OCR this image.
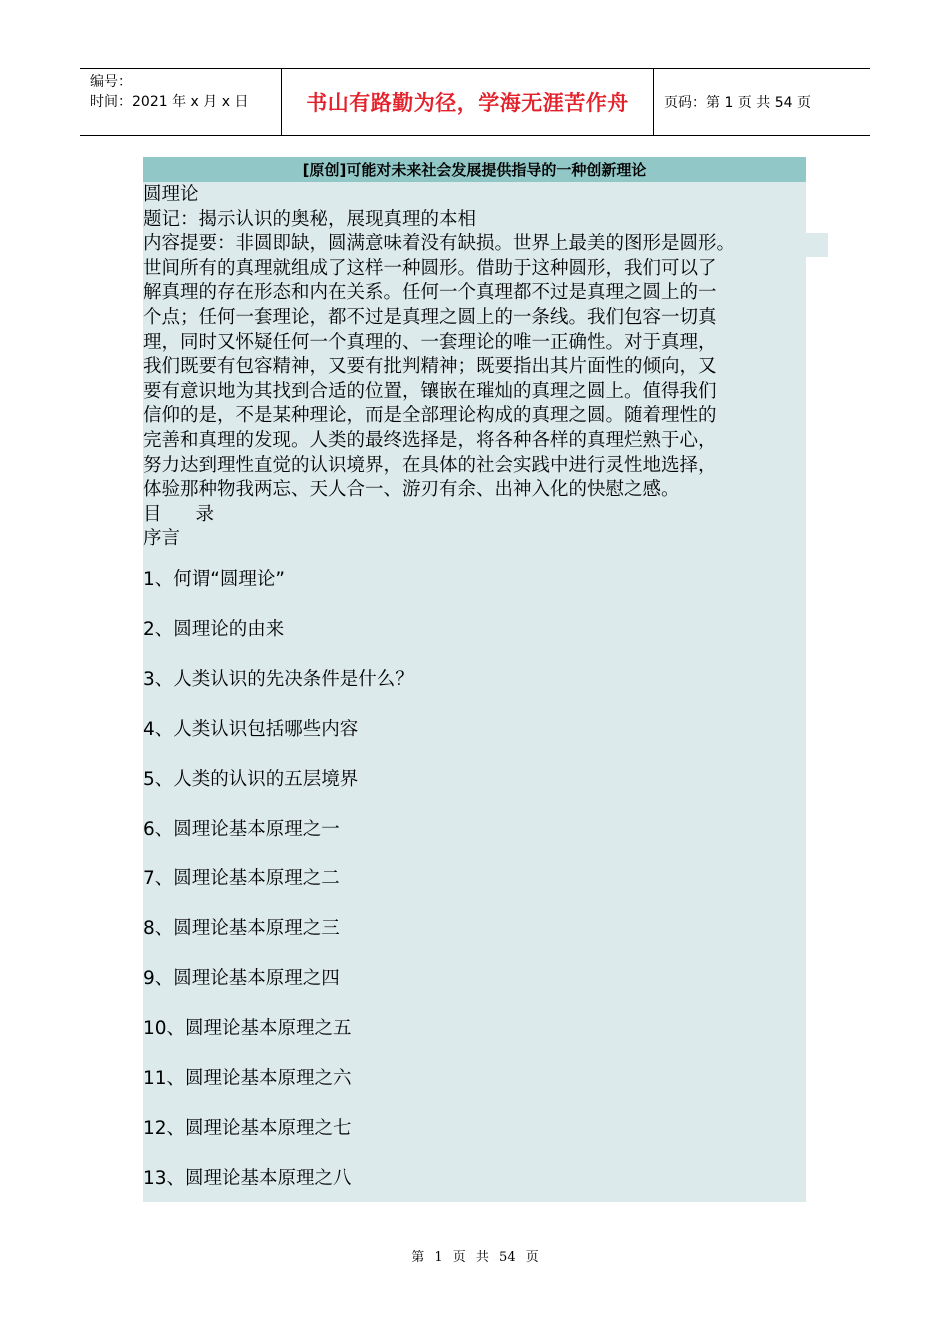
编号：
时间：2021 年 x 月 x 日	书山有路勤为径，学海无涯苦作舟	页码：第 1 页 共 54 页
[原创]可能对未来社会发展提供指导的一种创新理论
圆理论
题记：揭示认识的奥秘，展现真理的本相
内容提要：非圆即缺，圆满意味着没有缺损。世界上最美的图形是圆形。
世间所有的真理就组成了这样一种圆形。借助于这种圆形，我们可以了
解真理的存在形态和内在关系。任何一个真理都不过是真理之圆上的一
个点；任何一套理论，都不过是真理之圆上的一条线。我们包容一切真
理，同时又怀疑任何一个真理的、一套理论的唯一正确性。对于真理，
我们既要有包容精神，又要有批判精神；既要指出其片面性的倾向，又
要有意识地为其找到合适的位置，镶嵌在璀灿的真理之圆上。值得我们
信仰的是，不是某种理论，而是全部理论构成的真理之圆。随着理性的
完善和真理的发现。人类的最终选择是，将各种各样的真理烂熟于心，
努力达到理性直觉的认识境界，在具体的社会实践中进行灵性地选择，
体验那种物我两忘、天人合一、游刃有余、出神入化的快慰之感。
目 录
序言
1、何谓“圆理论”
2、圆理论的由来
3、人类认识的先决条件是什么？
4、人类认识包括哪些内容
5、人类的认识的五层境界
6、圆理论基本原理之一
7、圆理论基本原理之二
8、圆理论基本原理之三
9、圆理论基本原理之四
10、圆理论基本原理之五
11、圆理论基本原理之六
12、圆理论基本原理之七
13、圆理论基本原理之八
第 1 页 共 54 页
